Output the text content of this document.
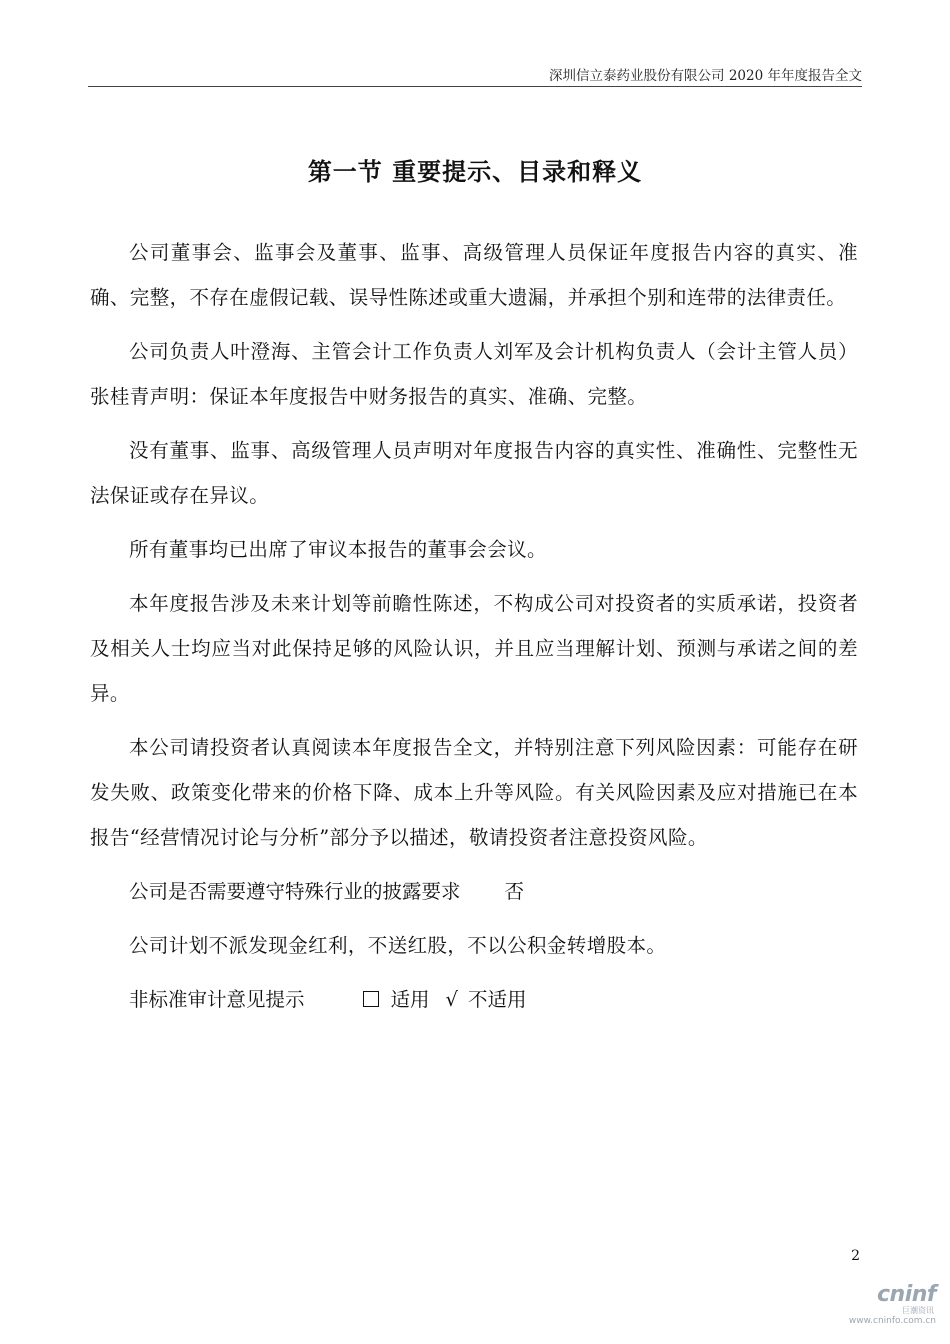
深圳信立泰药业股份有限公司 2020 年年度报告全文
第一节 重要提示、目录和释义

公司董事会、监事会及董事、监事、高级管理人员保证年度报告内容的真实、准确、完整，不存在虚假记载、误导性陈述或重大遗漏，并承担个别和连带的法律责任。

公司负责人叶澄海、主管会计工作负责人刘军及会计机构负责人（会计主管人员）张桂青声明：保证本年度报告中财务报告的真实、准确、完整。

没有董事、监事、高级管理人员声明对年度报告内容的真实性、准确性、完整性无法保证或存在异议。

所有董事均已出席了审议本报告的董事会会议。

本年度报告涉及未来计划等前瞻性陈述，不构成公司对投资者的实质承诺，投资者及相关人士均应当对此保持足够的风险认识，并且应当理解计划、预测与承诺之间的差异。

本公司请投资者认真阅读本年度报告全文，并特别注意下列风险因素：可能存在研发失败、政策变化带来的价格下降、成本上升等风险。有关风险因素及应对措施已在本报告“经营情况讨论与分析”部分予以描述，敬请投资者注意投资风险。

公司是否需要遵守特殊行业的披露要求 否

公司计划不派发现金红利，不送红股，不以公积金转增股本。

非标准审计意见提示	适用 √ 不适用
2
cninf
巨潮资讯
www.cninfo.com.cn
